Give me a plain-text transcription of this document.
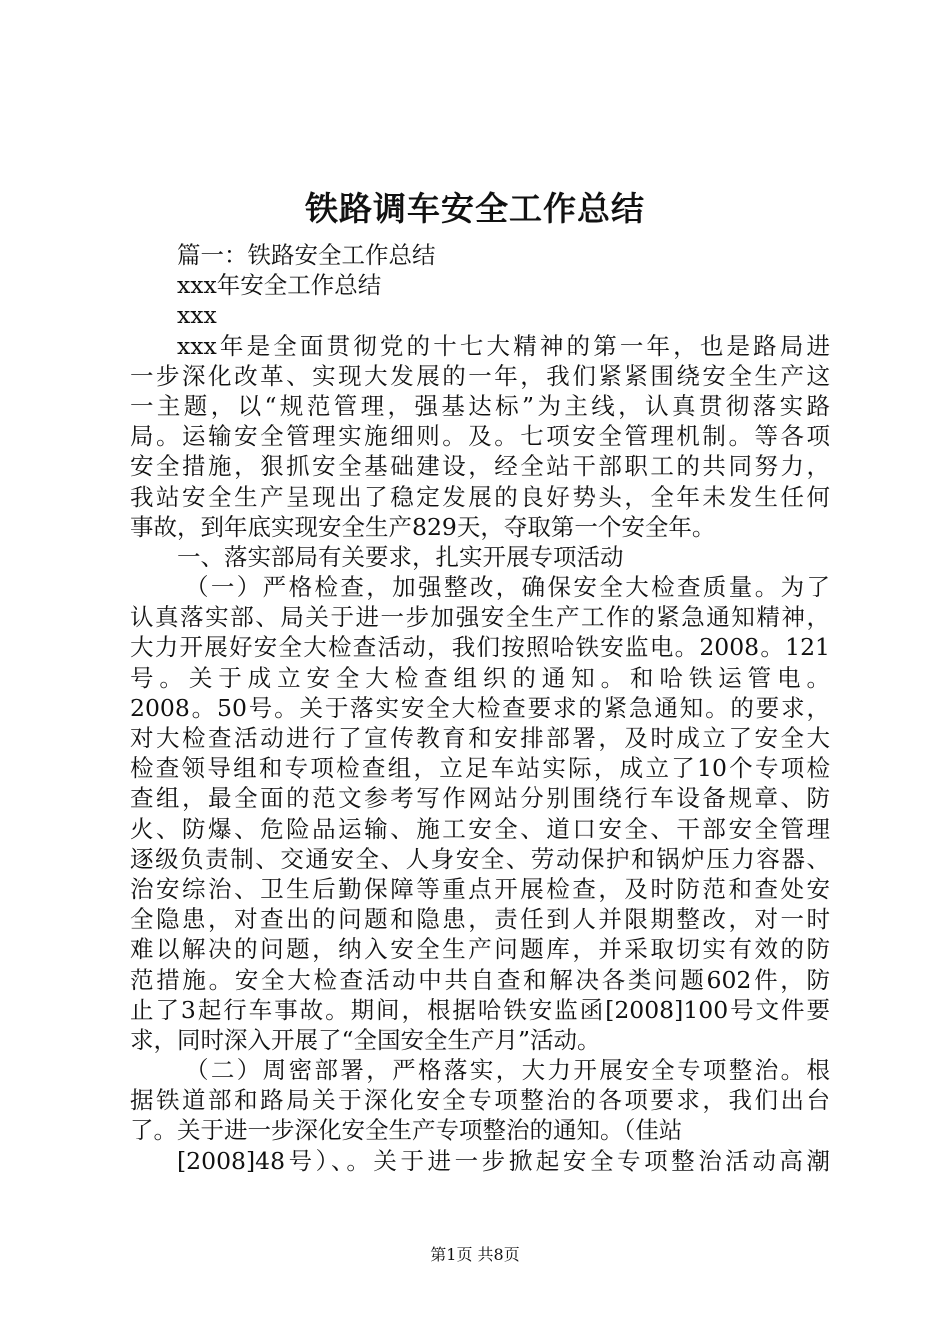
铁路调车安全工作总结
篇一：铁路安全工作总结
xxx年安全工作总结
xxx
xxx年是全面贯彻党的十七大精神的第一年，也是路局进
一步深化改革、实现大发展的一年，我们紧紧围绕安全生产这
一主题，以“规范管理，强基达标”为主线，认真贯彻落实路
局。运输安全管理实施细则。及。七项安全管理机制。等各项
安全措施，狠抓安全基础建设，经全站干部职工的共同努力，
我站安全生产呈现出了稳定发展的良好势头，全年未发生任何
事故，到年底实现安全生产829天，夺取第一个安全年。
一、落实部局有关要求，扎实开展专项活动
（一）严格检查，加强整改，确保安全大检查质量。为了
认真落实部、局关于进一步加强安全生产工作的紧急通知精神，
大力开展好安全大检查活动，我们按照哈铁安监电。2008。121
号。关于成立安全大检查组织的通知。和哈铁运管电。
2008。50号。关于落实安全大检查要求的紧急通知。的要求，
对大检查活动进行了宣传教育和安排部署，及时成立了安全大
检查领导组和专项检查组，立足车站实际，成立了10个专项检
查组，最全面的范文参考写作网站分别围绕行车设备规章、防
火、防爆、危险品运输、施工安全、道口安全、干部安全管理
逐级负责制、交通安全、人身安全、劳动保护和锅炉压力容器、
治安综治、卫生后勤保障等重点开展检查，及时防范和查处安
全隐患，对查出的问题和隐患，责任到人并限期整改，对一时
难以解决的问题，纳入安全生产问题库，并采取切实有效的防
范措施。安全大检查活动中共自查和解决各类问题602件，防
止了3起行车事故。期间，根据哈铁安监函[2008]100号文件要
求，同时深入开展了“全国安全生产月”活动。
（二）周密部署，严格落实，大力开展安全专项整治。根
据铁道部和路局关于深化安全专项整治的各项要求，我们出台
了。关于进一步深化安全生产专项整治的通知。（佳站
[2008]48号）、。关于进一步掀起安全专项整治活动高潮
第1页 共8页
